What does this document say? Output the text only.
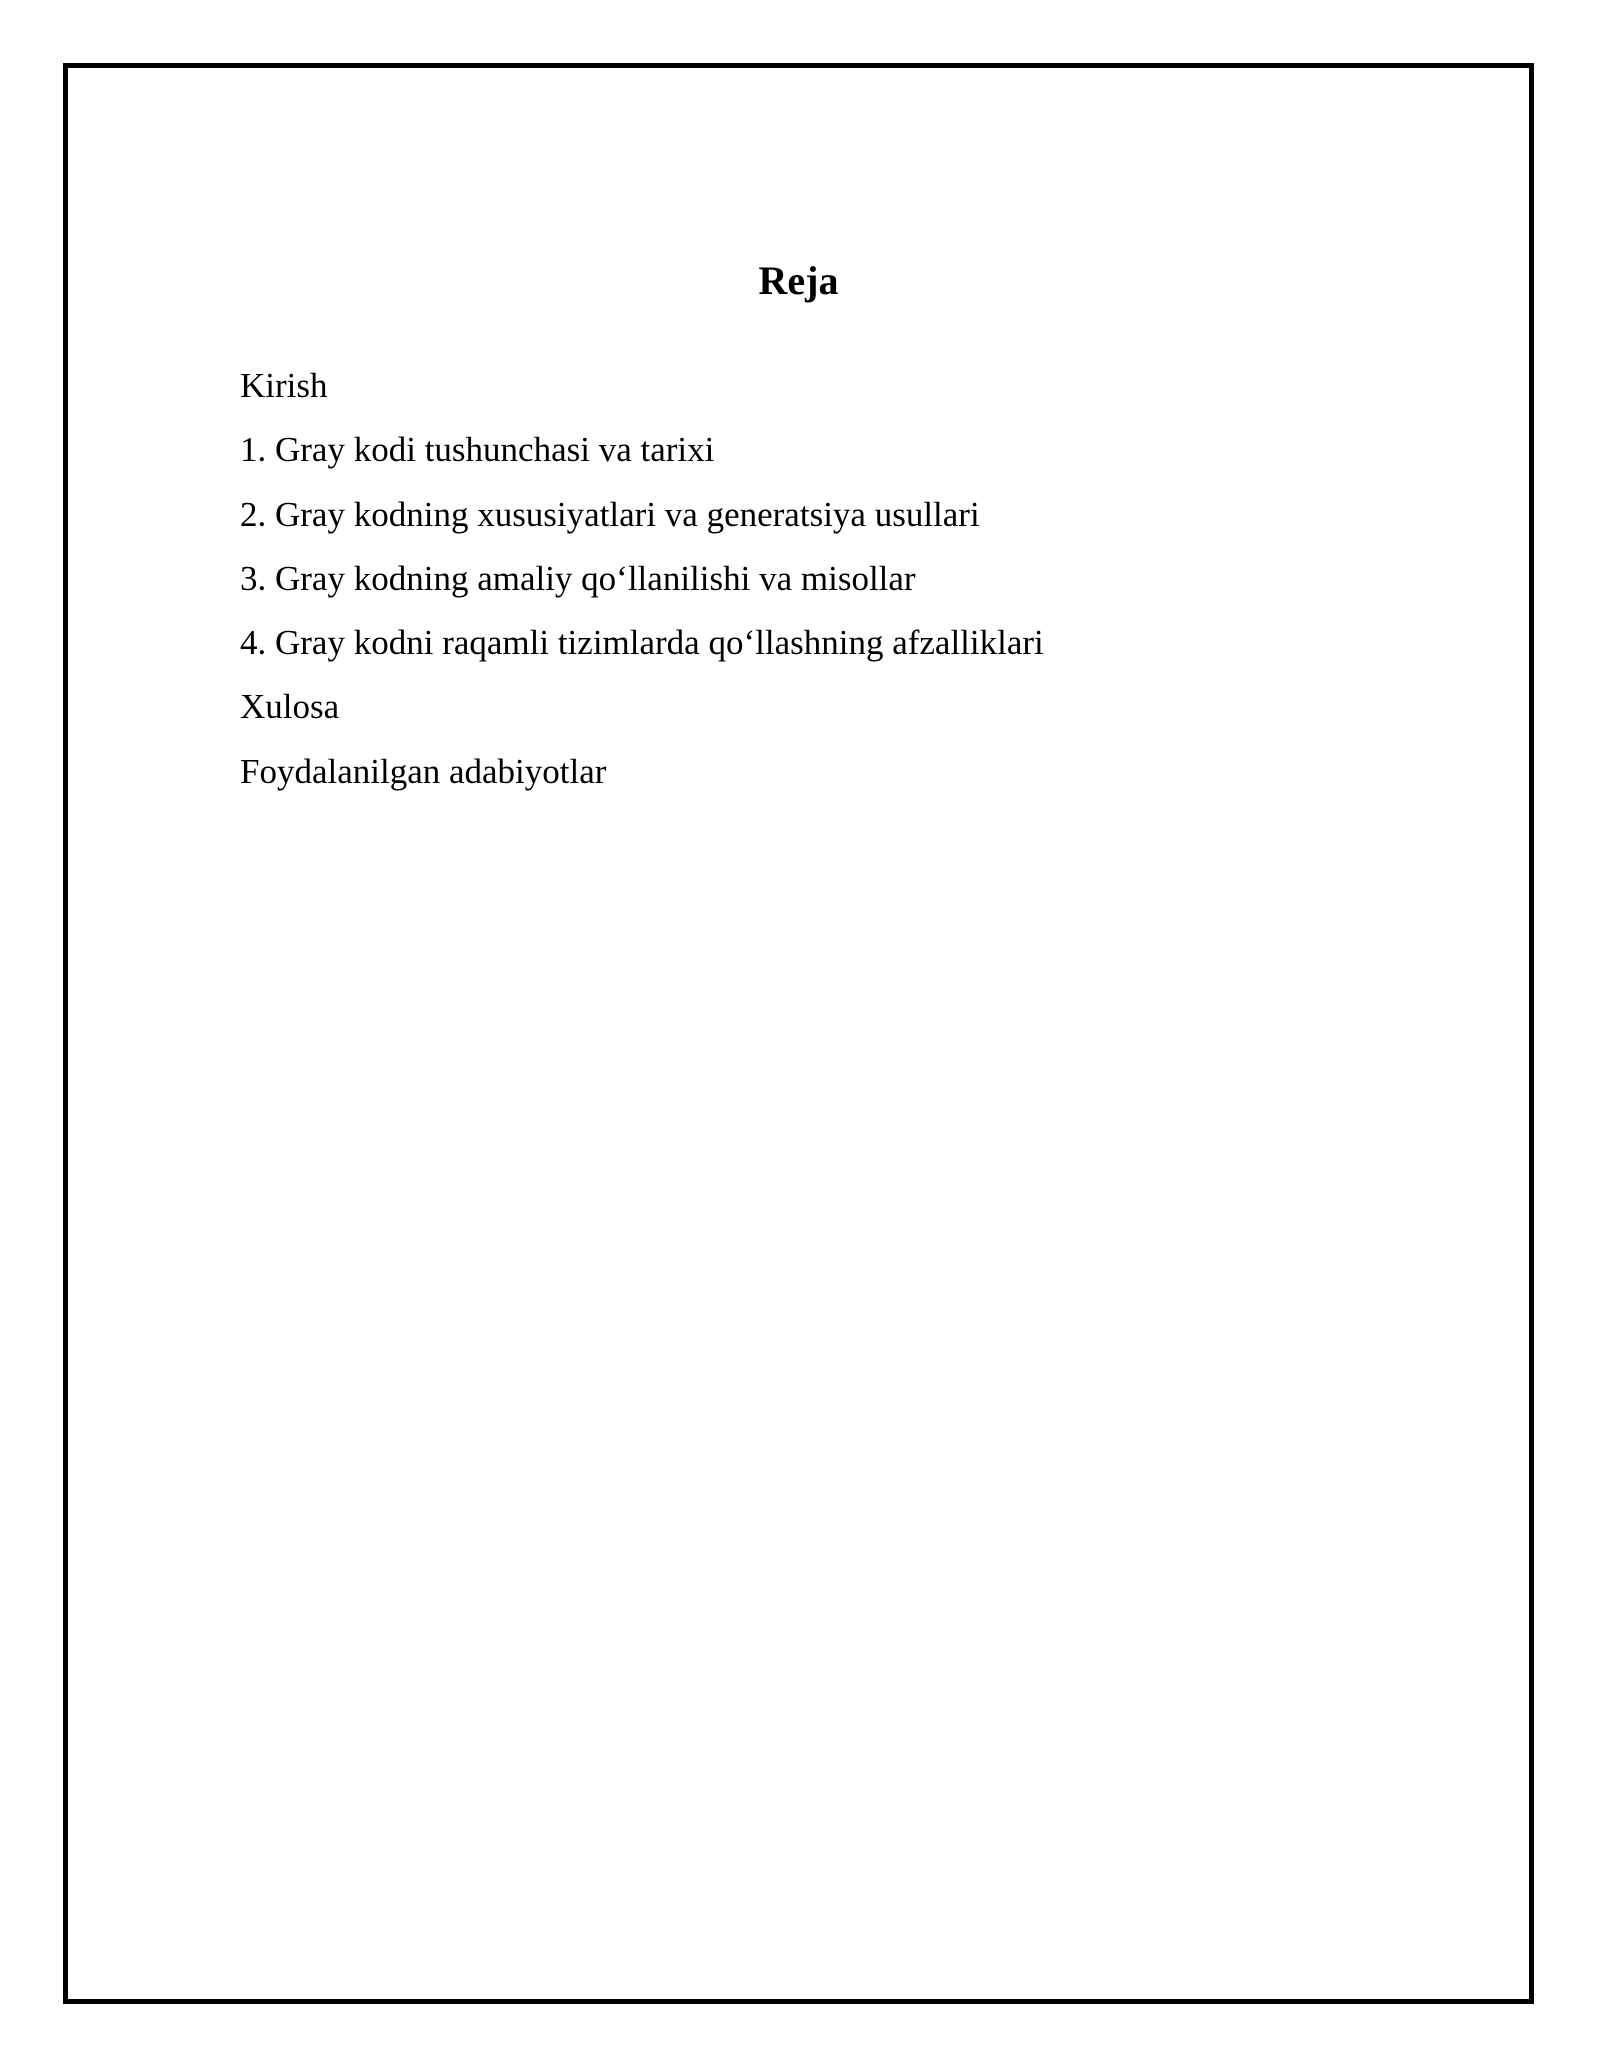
Reja
Kirish
1. Gray kodi tushunchasi va tarixi
2. Gray kodning xususiyatlari va generatsiya usullari
3. Gray kodning amaliy qo‘llanilishi va misollar
4. Gray kodni raqamli tizimlarda qo‘llashning afzalliklari
Xulosa
Foydalanilgan adabiyotlar
